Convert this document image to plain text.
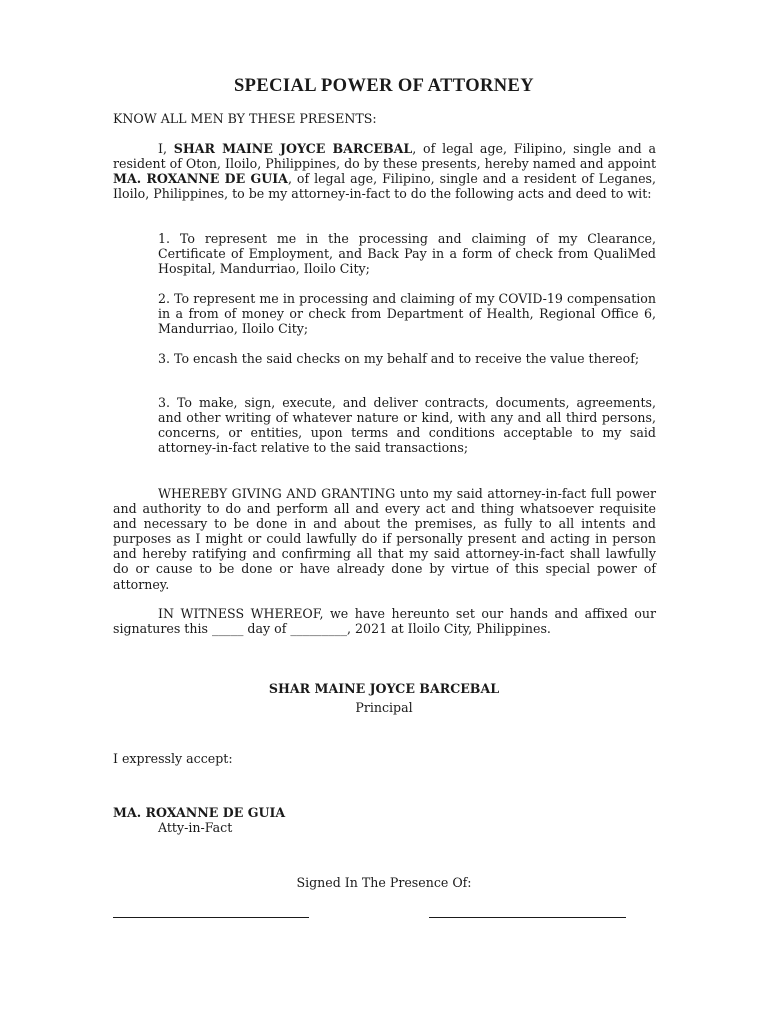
SPECIAL POWER OF ATTORNEY
KNOW ALL MEN BY THESE PRESENTS:
I, SHAR MAINE JOYCE BARCEBAL, of legal age, Filipino, single and a resident of Oton, Iloilo, Philippines, do by these presents, hereby named and appoint MA. ROXANNE DE GUIA, of legal age, Filipino, single and a resident of Leganes, Iloilo, Philippines, to be my attorney-in-fact to do the following acts and deed to wit:
1. To represent me in the processing and claiming of my Clearance, Certificate of Employment, and Back Pay in a form of check from QualiMed Hospital, Mandurriao, Iloilo City;
2. To represent me in processing and claiming of my COVID-19 compensation in a from of money or check from Department of Health, Regional Office 6, Mandurriao, Iloilo City;
3. To encash the said checks on my behalf and to receive the value thereof;
3. To make, sign, execute, and deliver contracts, documents, agreements, and other writing of whatever nature or kind, with any and all third persons, concerns, or entities, upon terms and conditions acceptable to my said attorney-in-fact relative to the said transactions;
WHEREBY GIVING AND GRANTING unto my said attorney-in-fact full power and authority to do and perform all and every act and thing whatsoever requisite and necessary to be done in and about the premises, as fully to all intents and purposes as I might or could lawfully do if personally present and acting in person and hereby ratifying and confirming all that my said attorney-in-fact shall lawfully do or cause to be done or have already done by virtue of this special power of attorney.
IN WITNESS WHEREOF, we have hereunto set our hands and affixed our signatures this _____ day of _________, 2021 at Iloilo City, Philippines.
SHAR MAINE JOYCE BARCEBAL
Principal
I expressly accept:
MA. ROXANNE DE GUIA
Atty-in-Fact
Signed In The Presence Of:
